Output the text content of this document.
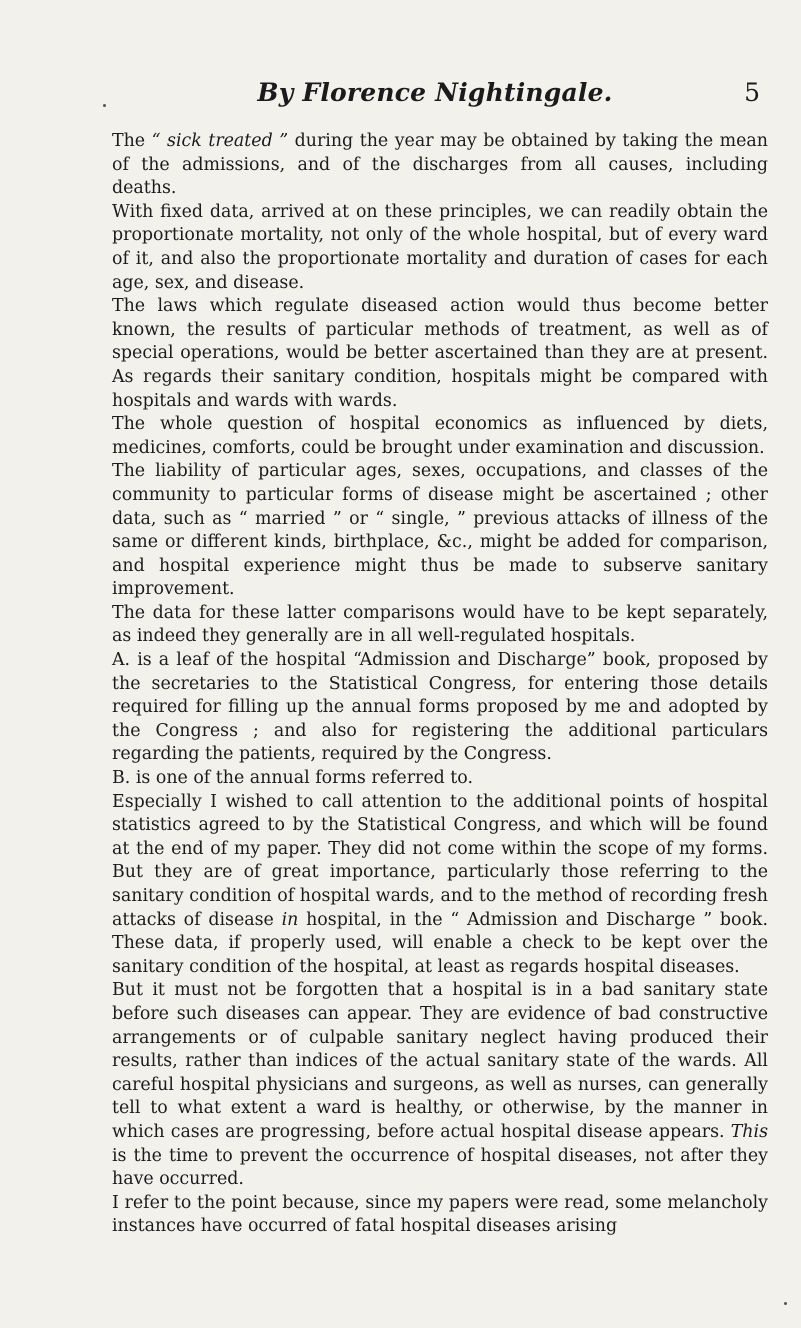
By Florence Nightingale.	5

The “ sick treated ” during the year may be obtained by taking the mean of the admissions, and of the discharges from all causes, including deaths.

With fixed data, arrived at on these principles, we can readily obtain the proportionate mortality, not only of the whole hospital, but of every ward of it, and also the proportionate mortality and duration of cases for each age, sex, and disease.

The laws which regulate diseased action would thus become better known, the results of particular methods of treatment, as well as of special operations, would be better ascertained than they are at present. As regards their sanitary condition, hospitals might be compared with hospitals and wards with wards.

The whole question of hospital economics as influenced by diets, medicines, comforts, could be brought under examination and discussion.

The liability of particular ages, sexes, occupations, and classes of the community to particular forms of disease might be ascertained ; other data, such as “ married ” or “ single, ” previous attacks of illness of the same or different kinds, birthplace, &c., might be added for comparison, and hospital experience might thus be made to subserve sanitary improvement.

The data for these latter comparisons would have to be kept separately, as indeed they generally are in all well-regulated hospitals.

A. is a leaf of the hospital “Admission and Discharge” book, proposed by the secretaries to the Statistical Congress, for entering those details required for filling up the annual forms proposed by me and adopted by the Congress ; and also for registering the additional particulars regarding the patients, required by the Congress.

B. is one of the annual forms referred to.

Especially I wished to call attention to the additional points of hospital statistics agreed to by the Statistical Congress, and which will be found at the end of my paper. They did not come within the scope of my forms. But they are of great importance, particularly those referring to the sanitary condition of hospital wards, and to the method of recording fresh attacks of disease in hospital, in the “ Admission and Discharge ” book. These data, if properly used, will enable a check to be kept over the sanitary condition of the hospital, at least as regards hospital diseases.

But it must not be forgotten that a hospital is in a bad sanitary state before such diseases can appear. They are evidence of bad constructive arrangements or of culpable sanitary neglect having produced their results, rather than indices of the actual sanitary state of the wards. All careful hospital physicians and surgeons, as well as nurses, can generally tell to what extent a ward is healthy, or otherwise, by the manner in which cases are progressing, before actual hospital disease appears. This is the time to prevent the occurrence of hospital diseases, not after they have occurred.

I refer to the point because, since my papers were read, some melancholy instances have occurred of fatal hospital diseases arising
